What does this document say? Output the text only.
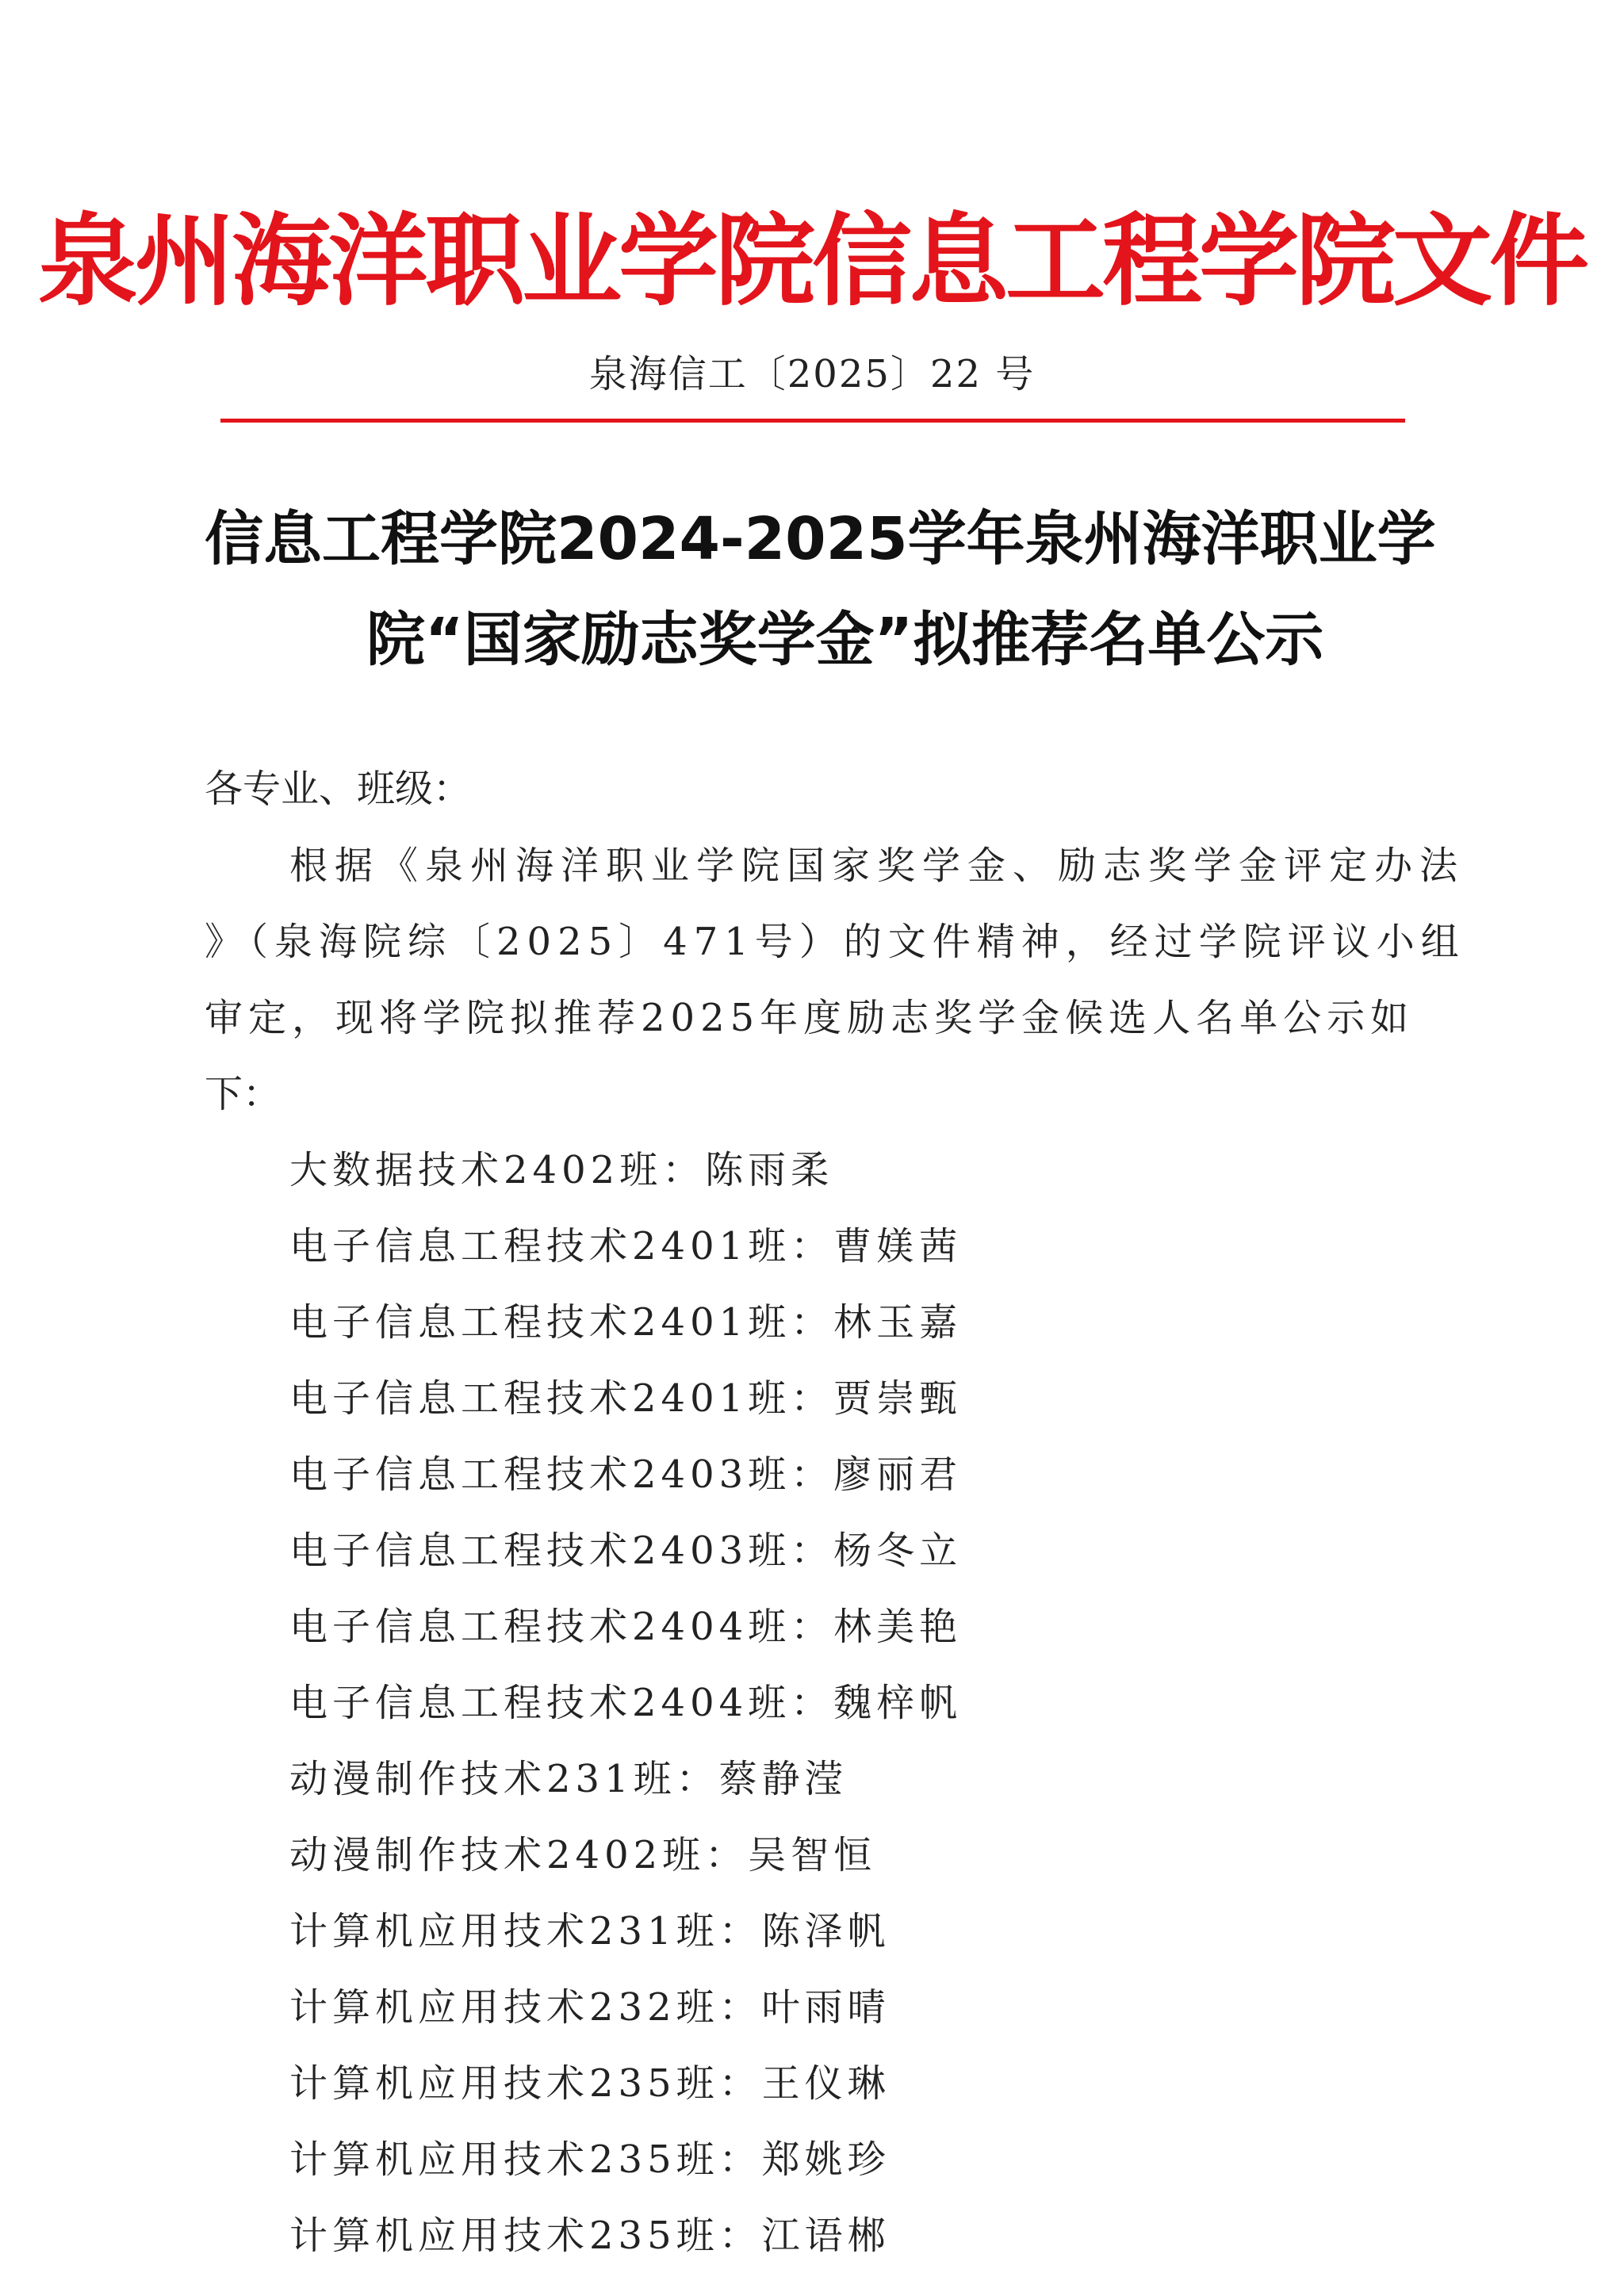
泉州海洋职业学院信息工程学院文件
泉海信工〔2025〕22 号
信息工程学院2024-2025学年泉州海洋职业学
院“国家励志奖学金”拟推荐名单公示
各专业、班级：
根据《泉州海洋职业学院国家奖学金、励志奖学金评定办法
》（泉海院综〔2025〕471号）的文件精神，经过学院评议小组
审定，现将学院拟推荐2025年度励志奖学金候选人名单公示如
下：
大数据技术2402班：陈雨柔
电子信息工程技术2401班：曹媄茜
电子信息工程技术2401班：林玉嘉
电子信息工程技术2401班：贾崇甄
电子信息工程技术2403班：廖丽君
电子信息工程技术2403班：杨冬立
电子信息工程技术2404班：林美艳
电子信息工程技术2404班：魏梓帆
动漫制作技术231班：蔡静滢
动漫制作技术2402班：吴智恒
计算机应用技术231班：陈泽帆
计算机应用技术232班：叶雨晴
计算机应用技术235班：王仪琳
计算机应用技术235班：郑姚珍
计算机应用技术235班：江语郴
